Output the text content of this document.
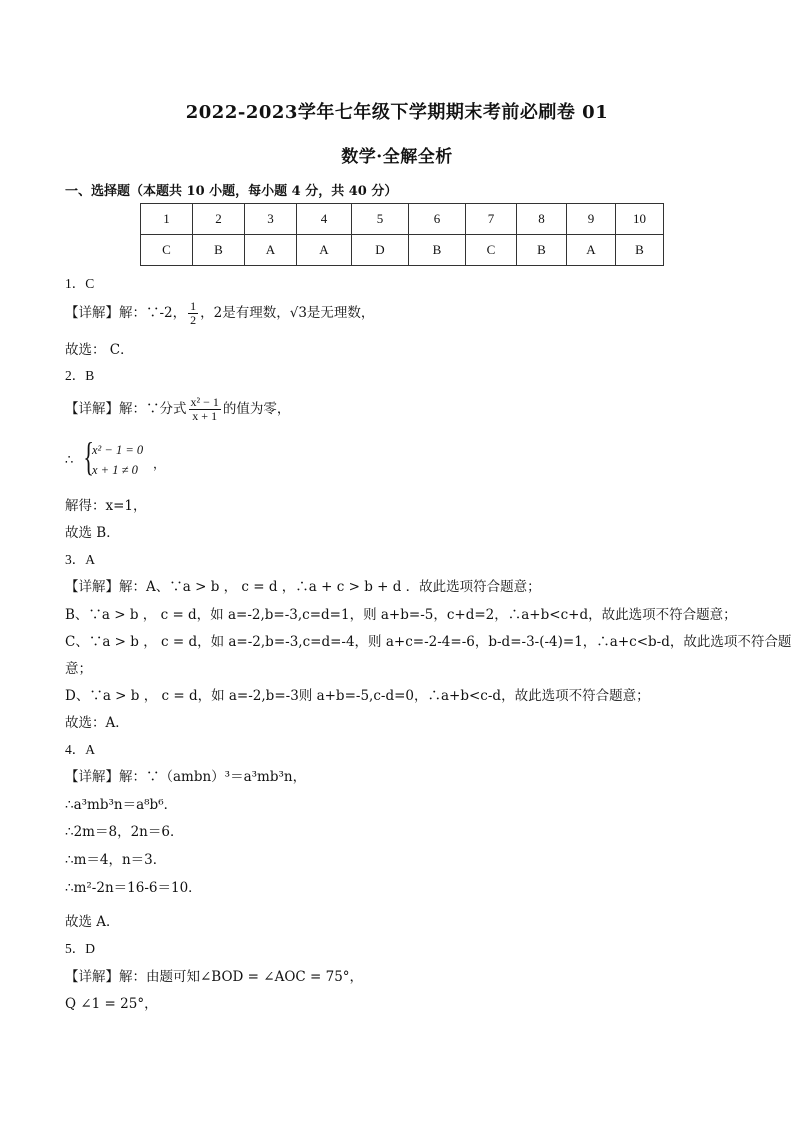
2022-2023学年七年级下学期期末考前必刷卷 01
数学·全解全析
一、选择题（本题共 10 小题，每小题 4 分，共 40 分）
1	2	3	4	5	6	7	8	9	10
C	B	A	A	D	B	C	B	A	B
1．C
【详解】解：∵-2， $\frac{1}{2}$ ，2是有理数，√3是无理数，
故选： C．
2．B
【详解】解：∵分式 $\frac{\text{x² − 1}}{x + 1}$ 的值为零，
∴ {
x² − 1 = 0
x + 1 ≠ 0 ，
解得：x=1，
故选 B．
3．A
【详解】解：A、∵a > b ， c = d ，∴a + c > b + d ．故此选项符合题意；
B、∵a > b ， c = d，如 a=-2,b=-3,c=d=1，则 a+b=-5，c+d=2，∴a+b<c+d，故此选项不符合题意；
C、∵a > b ， c = d，如 a=-2,b=-3,c=d=-4，则 a+c=-2-4=-6，b-d=-3-(-4)=1，∴a+c<b-d，故此选项不符合题
意；
D、∵a > b ， c = d，如 a=-2,b=-3则 a+b=-5,c-d=0，∴a+b<c-d，故此选项不符合题意；
故选：A．
4．A
【详解】解：∵（ambn）³＝a³mb³n，
∴a³mb³n＝a⁸b⁶．
∴2m＝8，2n＝6．
∴m＝4，n＝3．
∴m²-2n＝16-6＝10．
故选 A．
5．D
【详解】解：由题可知∠BOD = ∠AOC = 75°，
Q ∠1 = 25°，
